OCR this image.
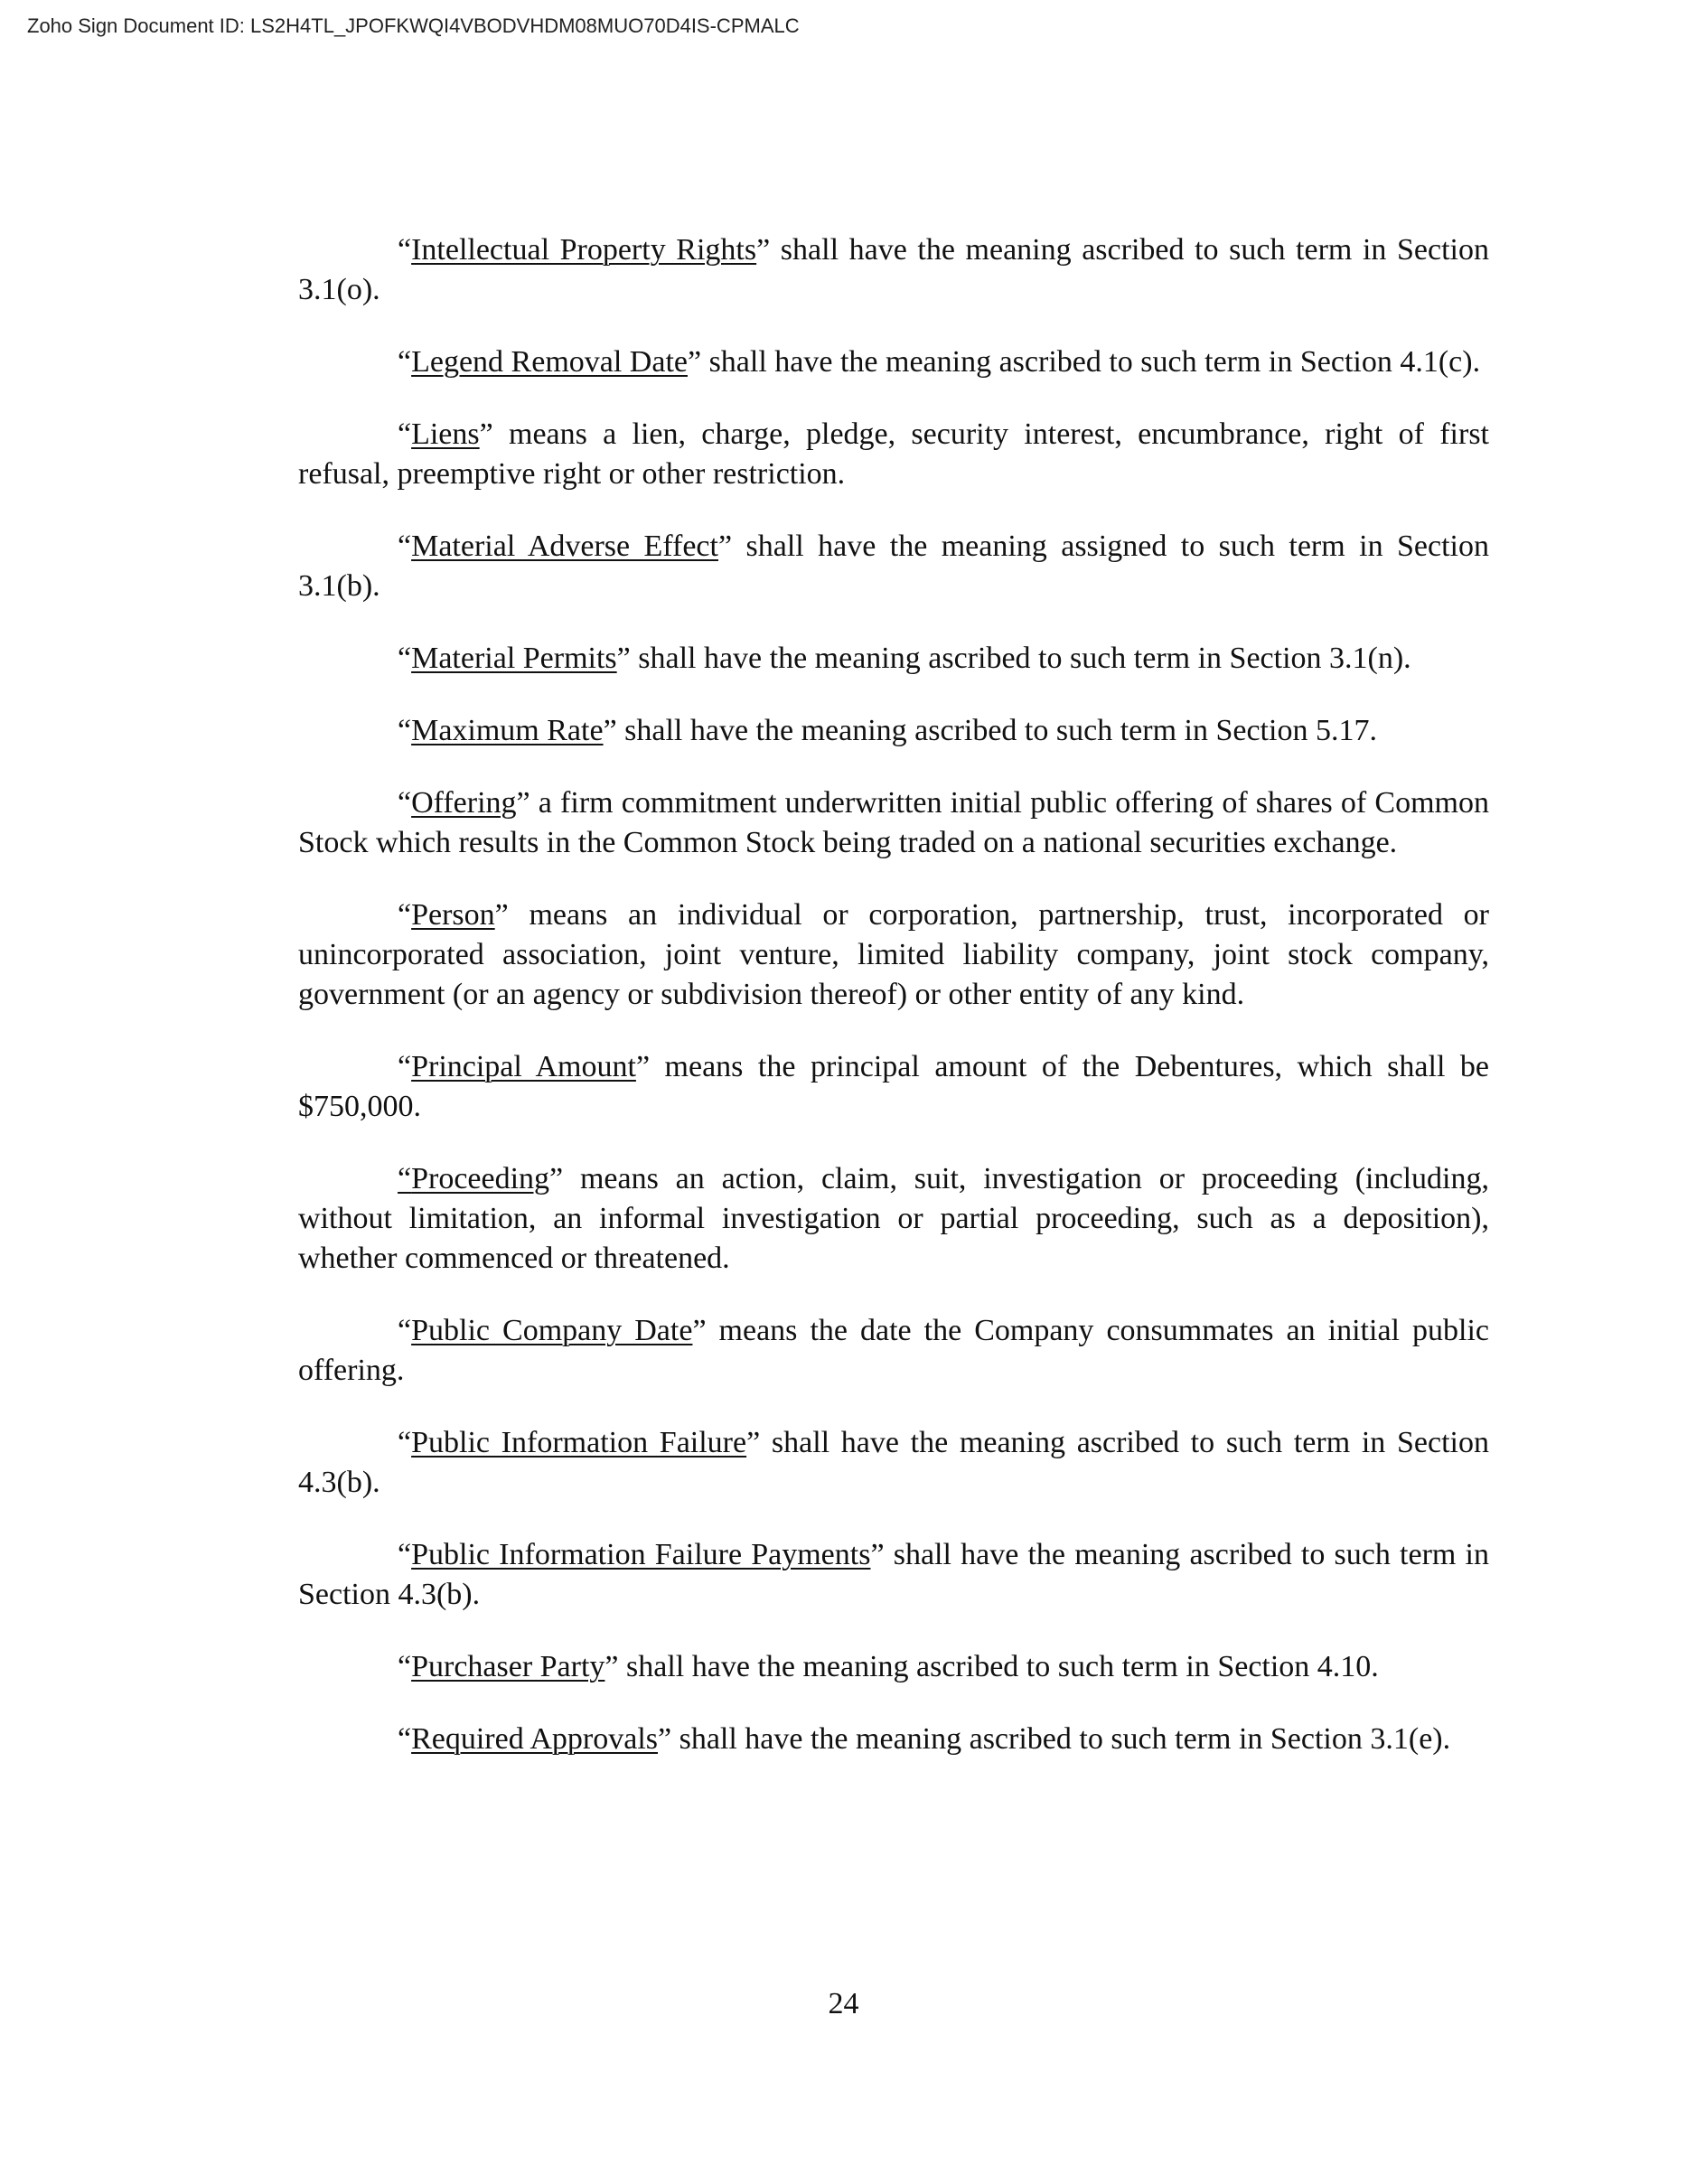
Zoho Sign Document ID: LS2H4TL_JPOFKWQI4VBODVHDM08MUO70D4IS-CPMALC

“Intellectual Property Rights” shall have the meaning ascribed to such term in Section 3.1(o).

“Legend Removal Date” shall have the meaning ascribed to such term in Section 4.1(c).

“Liens” means a lien, charge, pledge, security interest, encumbrance, right of first refusal, preemptive right or other restriction.

“Material Adverse Effect” shall have the meaning assigned to such term in Section 3.1(b).

“Material Permits” shall have the meaning ascribed to such term in Section 3.1(n).

“Maximum Rate” shall have the meaning ascribed to such term in Section 5.17.

“Offering” a firm commitment underwritten initial public offering of shares of Common Stock which results in the Common Stock being traded on a national securities exchange.

“Person” means an individual or corporation, partnership, trust, incorporated or unincorporated association, joint venture, limited liability company, joint stock company, government (or an agency or subdivision thereof) or other entity of any kind.

“Principal Amount” means the principal amount of the Debentures, which shall be $750,000.

“Proceeding” means an action, claim, suit, investigation or proceeding (including, without limitation, an informal investigation or partial proceeding, such as a deposition), whether commenced or threatened.

“Public Company Date” means the date the Company consummates an initial public offering.

“Public Information Failure” shall have the meaning ascribed to such term in Section 4.3(b).

“Public Information Failure Payments” shall have the meaning ascribed to such term in Section 4.3(b).

“Purchaser Party” shall have the meaning ascribed to such term in Section 4.10.

“Required Approvals” shall have the meaning ascribed to such term in Section 3.1(e).

24
